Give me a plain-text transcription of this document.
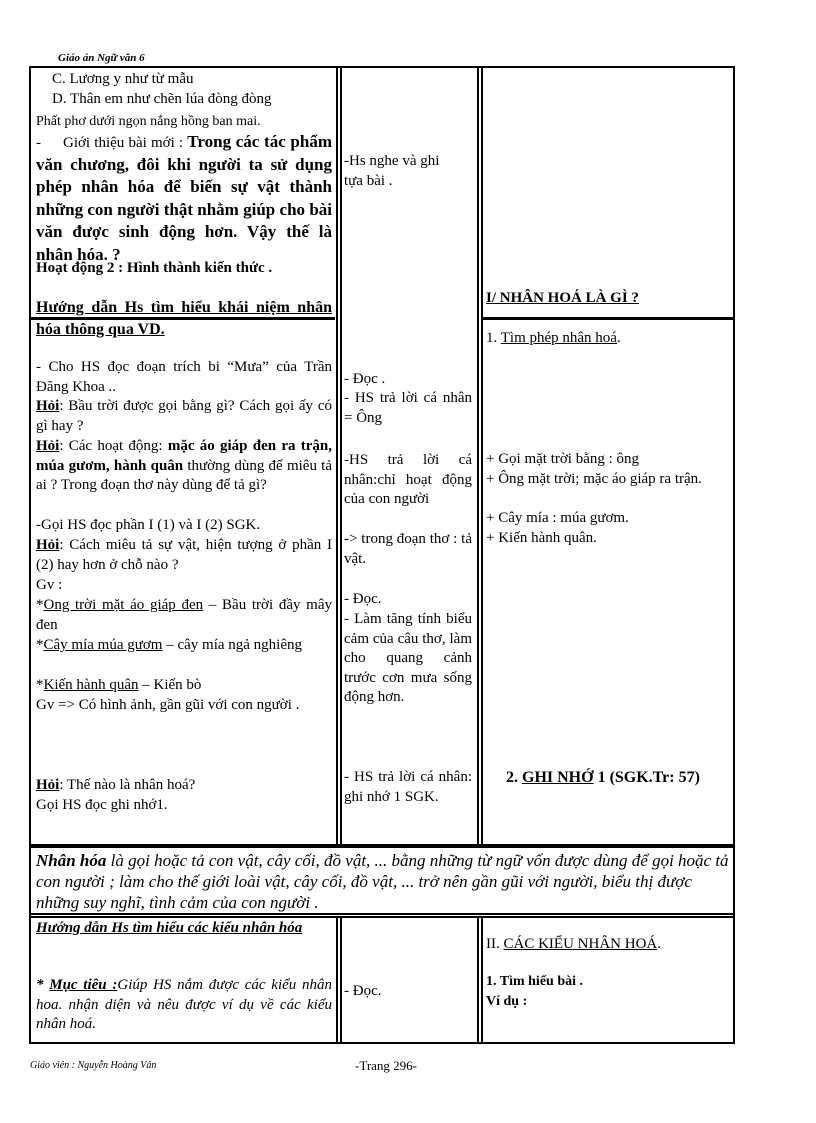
Giáo án Ngữ văn 6
C. Lương y như từ mẫu
D. Thân em như chẽn lúa đòng đòng
Phất phơ dưới ngọn nắng hồng ban mai.
- Giới thiệu bài mới : Trong các tác phẩm văn chương, đôi khi người ta sử dụng phép nhân hóa để biến sự vật thành những con người thật nhằm giúp cho bài văn được sinh động hơn. Vậy thế là nhân hóa. ?
Hoạt động 2 : Hình thành kiến thức .
Hướng dẫn Hs tìm hiểu khái niệm nhân hóa thông qua VD.
- Cho HS đọc đoạn trích bi “Mưa” của Trần Đăng Khoa ..
Hỏi: Bầu trời được gọi bằng gì? Cách gọi ấy có gì hay ?
Hỏi: Các hoạt động: mặc áo giáp đen ra trận, múa gươm, hành quân thường dùng để miêu tả ai ? Trong đoạn thơ này dùng để tả gì?
-Gọi HS đọc phần I (1) và I (2) SGK.
Hỏi: Cách miêu tả sự vật, hiện tượng ở phần I (2) hay hơn ở chỗ nào ?
Gv :
*Ong trời mặt áo giáp đen – Bầu trời đầy mây đen
*Cây mía múa gươm – cây mía ngả nghiêng
*Kiến hành quân – Kiến bò
Gv => Có hình ảnh, gần gũi với con người .
Hỏi: Thế nào là nhân hoá?
Gọi HS đọc ghi nhớ1.
-Hs nghe và ghi tựa bài .
- Đọc .
- HS trả lời cá nhân = Ông
-HS trả lời cá nhân:chỉ hoạt động của con người
-> trong đoạn thơ : tả vật.
- Đọc.
- Làm tăng tính biểu cảm của câu thơ, làm cho quang cảnh trước cơn mưa sống động hơn.
- HS trả lời cá nhân: ghi nhớ 1 SGK.
I/ NHÂN HOÁ LÀ GÌ ?
1. Tìm phép nhân hoá.
+ Gọi mặt trời bằng : ông
+ Ông mặt trời; mặc áo giáp ra trận.
+ Cây mía : múa gươm.
+ Kiến hành quân.
2. GHI NHỚ 1 (SGK.Tr: 57)
Nhân hóa là gọi hoặc tả con vật, cây cối, đồ vật, ... bằng những từ ngữ vốn được dùng để gọi hoặc tả con người ; làm cho thế giới loài vật, cây cối, đồ vật, ... trở nên gần gũi với người, biểu thị được những suy nghĩ, tình cảm của con người .
Hướng dẫn Hs tìm hiểu các kiểu nhân hóa
* Mục tiêu :Giúp HS nắm được các kiểu nhân hoa. nhận diện và nêu được ví dụ về các kiểu nhân hoá.
- Đọc.
II. CÁC KIỂU NHÂN HOÁ.
1. Tìm hiểu bài .
Ví dụ :
Giáo viên : Nguyễn Hoàng Vân	-Trang 296-
